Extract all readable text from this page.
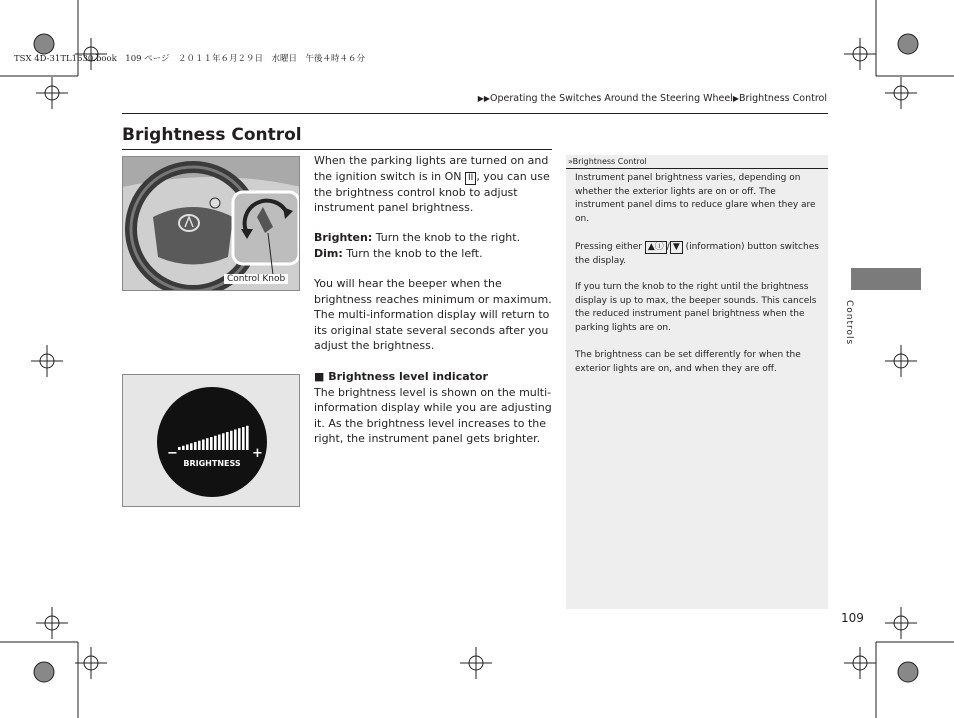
TSX 4D-31TL1630.book　109 ページ　２０１１年６月２９日　水曜日　午後４時４６分
▶▶Operating the Switches Around the Steering Wheel▶Brightness Control
Brightness Control
Control Knob

When the parking lights are turned on and the ignition switch is in ON II , you can use the brightness control knob to adjust instrument panel brightness.

Brighten: Turn the knob to the right.

Dim: Turn the knob to the left.

You will hear the beeper when the brightness reaches minimum or maximum. The multi-information display will return to its original state several seconds after you adjust the brightness.

■ Brightness level indicator

The brightness level is shown on the multi-information display while you are adjusting it. As the brightness level increases to the right, the instrument panel gets brighter.

−	+
BRIGHTNESS
»Brightness Control

Instrument panel brightness varies, depending on whether the exterior lights are on or off. The instrument panel dims to reduce glare when they are on.

Pressing either ▲ⓘ / ▼ (information) button switches the display.

If you turn the knob to the right until the brightness display is up to max, the beeper sounds. This cancels the reduced instrument panel brightness when the parking lights are on.

The brightness can be set differently for when the exterior lights are on, and when they are off.

Controls
109
